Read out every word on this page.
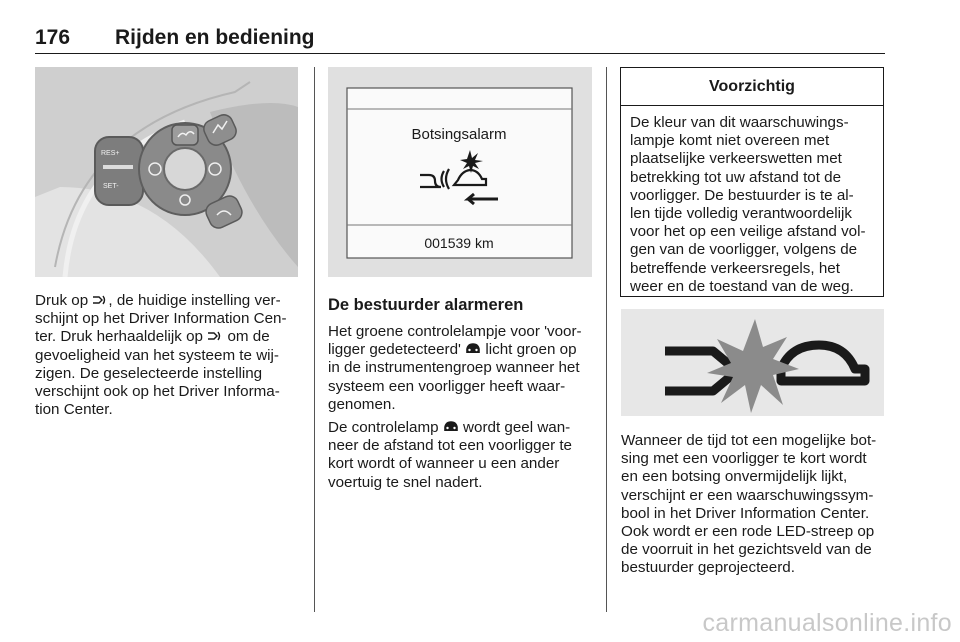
176 Rijden en bediening
RES+
SET-

Druk op , de huidige instelling ver-
schijnt op het Driver Information Cen-
ter. Druk herhaaldelijk op  om de
gevoeligheid van het systeem te wij-
zigen. De geselecteerde instelling
verschijnt ook op het Driver Informa-
tion Center.

Botsingsalarm
001539 km
De bestuurder alarmeren

Het groene controlelampje voor 'voor-
ligger gedetecteerd'  licht groen op
in de instrumentengroep wanneer het
systeem een voorligger heeft waar-
genomen.

De controlelamp  wordt geel wan-
neer de afstand tot een voorligger te
kort wordt of wanneer u een ander
voertuig te snel nadert.

Voorzichtig

De kleur van dit waarschuwings-
lampje komt niet overeen met
plaatselijke verkeerswetten met
betrekking tot uw afstand tot de
voorligger. De bestuurder is te al-
len tijde volledig verantwoordelijk
voor het op een veilige afstand vol-
gen van de voorligger, volgens de
betreffende verkeersregels, het
weer en de toestand van de weg.

Wanneer de tijd tot een mogelijke bot-
sing met een voorligger te kort wordt
en een botsing onvermijdelijk lijkt,
verschijnt er een waarschuwingssym-
bool in het Driver Information Center.
Ook wordt er een rode LED-streep op
de voorruit in het gezichtsveld van de
bestuurder geprojecteerd.

carmanualsonline.info
